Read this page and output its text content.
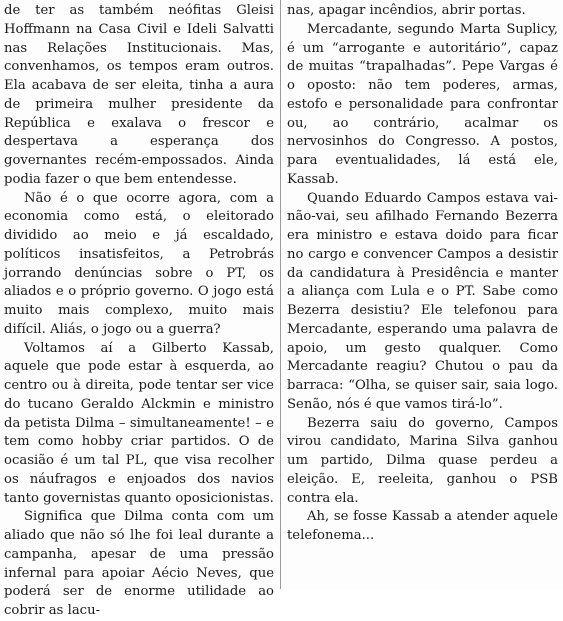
de ter as também neófitas Gleisi Hoffmann na Casa Civil e Ideli Salvatti nas Relações Institucionais. Mas, convenhamos, os tempos eram outros. Ela acabava de ser eleita, tinha a aura de primeira mulher presidente da República e exalava o frescor e despertava a esperança dos governantes recém-empossados. Ainda podia fazer o que bem entendesse.

Não é o que ocorre agora, com a economia como está, o eleitorado dividido ao meio e já escaldado, políticos insatisfeitos, a Petrobrás jorrando denúncias sobre o PT, os aliados e o próprio governo. O jogo está muito mais complexo, muito mais difícil. Aliás, o jogo ou a guerra?

Voltamos aí a Gilberto Kassab, aquele que pode estar à esquerda, ao centro ou à direita, pode tentar ser vice do tucano Geraldo Alckmin e ministro da petista Dilma – simultaneamente! – e tem como hobby criar partidos. O de ocasião é um tal PL, que visa recolher os náufragos e enjoados dos navios tanto governistas quanto oposicionistas.

Significa que Dilma conta com um aliado que não só lhe foi leal durante a campanha, apesar de uma pressão infernal para apoiar Aécio Neves, que poderá ser de enorme utilidade ao cobrir as lacu-

nas, apagar incêndios, abrir portas.

Mercadante, segundo Marta Suplicy, é um “arrogante e autoritário”, capaz de muitas “trapalhadas”. Pepe Vargas é o oposto: não tem poderes, armas, estofo e personalidade para confrontar ou, ao contrário, acalmar os nervosinhos do Congresso. A postos, para eventualidades, lá está ele, Kassab.

Quando Eduardo Campos estava vai-não-vai, seu afilhado Fernando Bezerra era ministro e estava doido para ficar no cargo e convencer Campos a desistir da candidatura à Presidência e manter a aliança com Lula e o PT. Sabe como Bezerra desistiu? Ele telefonou para Mercadante, esperando uma palavra de apoio, um gesto qualquer. Como Mercadante reagiu? Chutou o pau da barraca: “Olha, se quiser sair, saia logo. Senão, nós é que vamos tirá-lo”.

Bezerra saiu do governo, Campos virou candidato, Marina Silva ganhou um partido, Dilma quase perdeu a eleição. E, reeleita, ganhou o PSB contra ela.

Ah, se fosse Kassab a atender aquele telefonema...
